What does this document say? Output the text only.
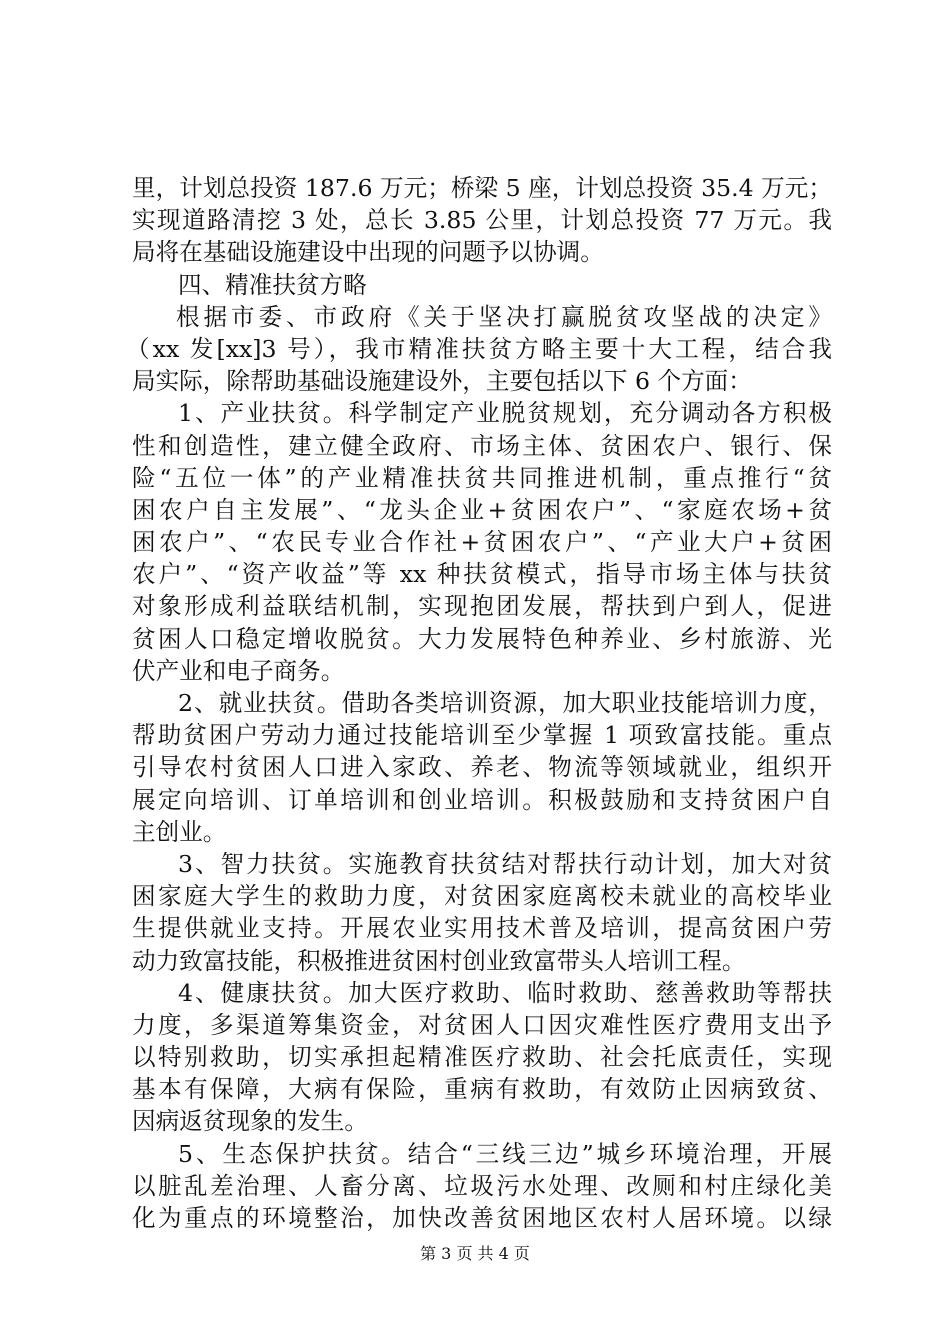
里，计划总投资 187.6 万元；桥梁 5 座，计划总投资 35.4 万元；
实现道路清挖 3 处，总长 3.85 公里，计划总投资 77 万元。我
局将在基础设施建设中出现的问题予以协调。
四、精准扶贫方略
根据市委、市政府《关于坚决打赢脱贫攻坚战的决定》
（xx 发[xx]3 号），我市精准扶贫方略主要十大工程，结合我
局实际，除帮助基础设施建设外，主要包括以下 6 个方面：
1、产业扶贫。科学制定产业脱贫规划，充分调动各方积极
性和创造性，建立健全政府、市场主体、贫困农户、银行、保
险“五位一体”的产业精准扶贫共同推进机制，重点推行“贫
困农户自主发展”、“龙头企业+贫困农户”、“家庭农场+贫
困农户”、“农民专业合作社+贫困农户”、“产业大户+贫困
农户”、“资产收益”等 xx 种扶贫模式，指导市场主体与扶贫
对象形成利益联结机制，实现抱团发展，帮扶到户到人，促进
贫困人口稳定增收脱贫。大力发展特色种养业、乡村旅游、光
伏产业和电子商务。
2、就业扶贫。借助各类培训资源，加大职业技能培训力度，
帮助贫困户劳动力通过技能培训至少掌握 1 项致富技能。重点
引导农村贫困人口进入家政、养老、物流等领域就业，组织开
展定向培训、订单培训和创业培训。积极鼓励和支持贫困户自
主创业。
3、智力扶贫。实施教育扶贫结对帮扶行动计划，加大对贫
困家庭大学生的救助力度，对贫困家庭离校未就业的高校毕业
生提供就业支持。开展农业实用技术普及培训，提高贫困户劳
动力致富技能，积极推进贫困村创业致富带头人培训工程。
4、健康扶贫。加大医疗救助、临时救助、慈善救助等帮扶
力度，多渠道筹集资金，对贫困人口因灾难性医疗费用支出予
以特别救助，切实承担起精准医疗救助、社会托底责任，实现
基本有保障，大病有保险，重病有救助，有效防止因病致贫、
因病返贫现象的发生。
5、生态保护扶贫。结合“三线三边”城乡环境治理，开展
以脏乱差治理、人畜分离、垃圾污水处理、改厕和村庄绿化美
化为重点的环境整治，加快改善贫困地区农村人居环境。以绿
第 3 页 共 4 页
